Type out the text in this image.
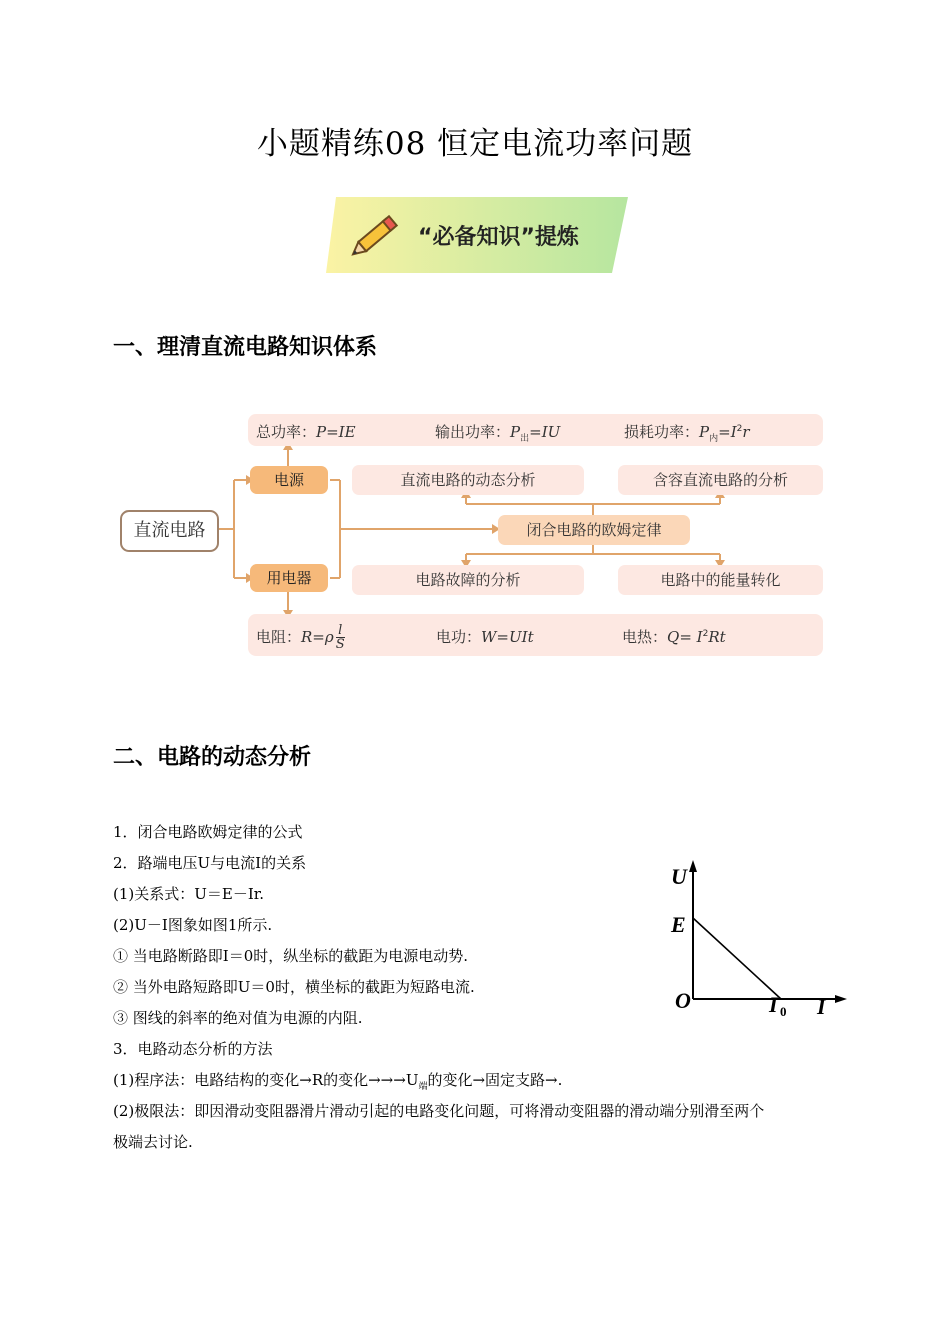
小题精练08 恒定电流功率问题
“必备知识”提炼
一、理清直流电路知识体系
总功率：P=IE	输出功率：$P_出=IU$	损耗功率：$P_内=I^2r$
直流电路
电源
用电器
直流电路的动态分析	含容直流电路的分析
闭合电路的欧姆定律
电路故障的分析	电路中的能量转化
电阻：$R=\rho \frac{l}{S}$	电功：W=UIt	电热：$Q= I^2Rt$
二、电路的动态分析
1．闭合电路欧姆定律的公式
2．路端电压U与电流I的关系
(1)关系式：U＝E－Ir.
(2)U－I图象如图1所示.
① 当电路断路即I＝0时，纵坐标的截距为电源电动势.
② 当外电路短路即U＝0时，横坐标的截距为短路电流.
③ 图线的斜率的绝对值为电源的内阻.
3．电路动态分析的方法
(1)程序法：电路结构的变化→R的变化$\to\to\to U_端$的变化→固定支路→.
(2)极限法：即因滑动变阻器滑片滑动引起的电路变化问题，可将滑动变阻器的滑动端分别滑至两个
极端去讨论.
U
E
O	I 0 I
